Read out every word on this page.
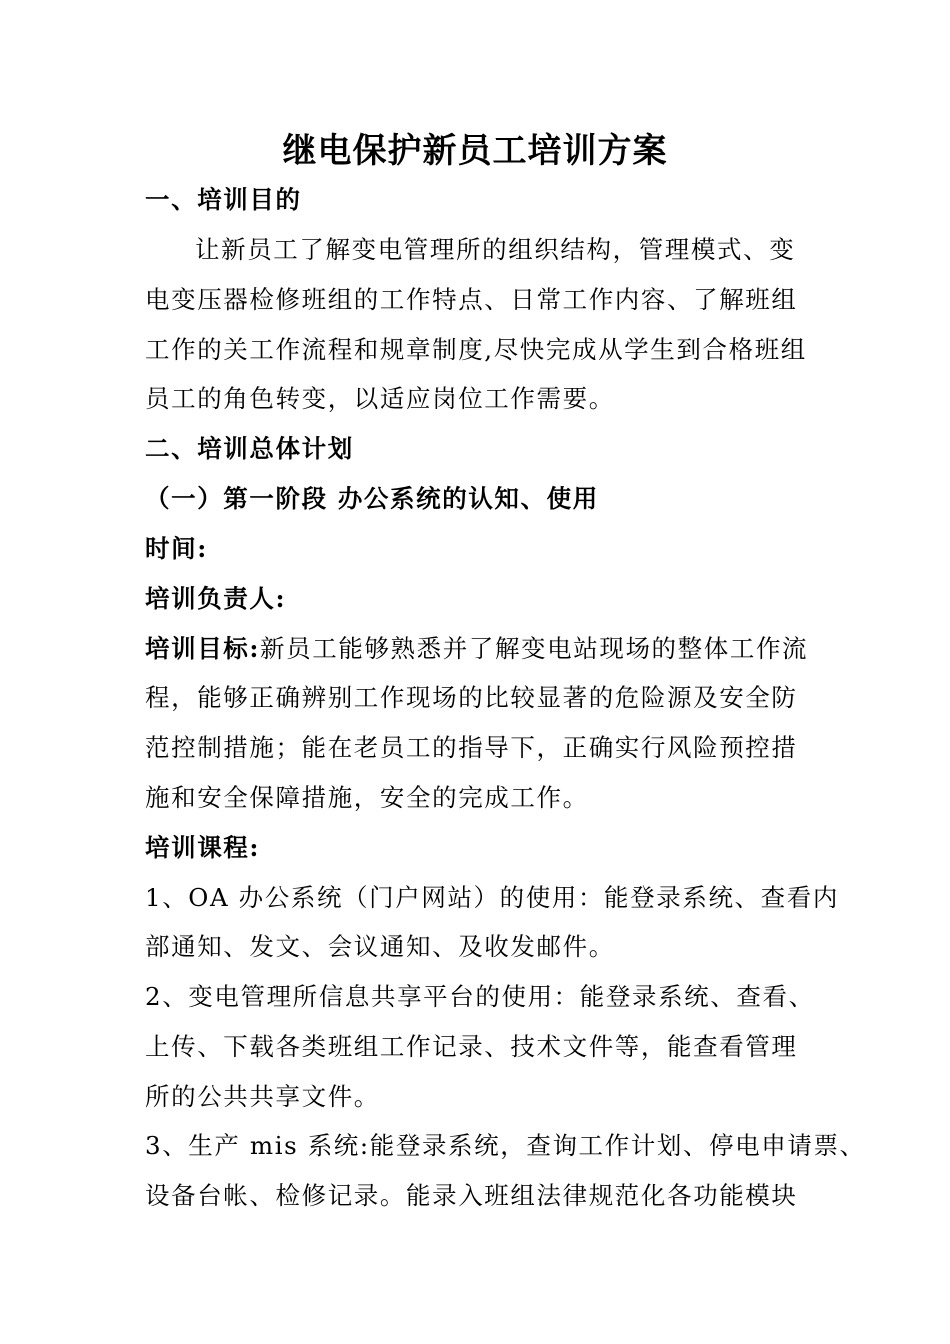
继电保护新员工培训方案
一、培训目的
让新员工了解变电管理所的组织结构，管理模式、变
电变压器检修班组的工作特点、日常工作内容、了解班组
工作的关工作流程和规章制度,尽快完成从学生到合格班组
员工的角色转变，以适应岗位工作需要。
二、培训总体计划
（一）第一阶段 办公系统的认知、使用
时间:
培训负责人:
培训目标:新员工能够熟悉并了解变电站现场的整体工作流
程，能够正确辨别工作现场的比较显著的危险源及安全防
范控制措施；能在老员工的指导下，正确实行风险预控措
施和安全保障措施，安全的完成工作。
培训课程:
1、OA 办公系统（门户网站）的使用：能登录系统、查看内
部通知、发文、会议通知、及收发邮件。
2、变电管理所信息共享平台的使用：能登录系统、查看、
上传、下载各类班组工作记录、技术文件等，能查看管理
所的公共共享文件。
3、生产 mis 系统:能登录系统，查询工作计划、停电申请票、
设备台帐、检修记录。能录入班组法律规范化各功能模块
